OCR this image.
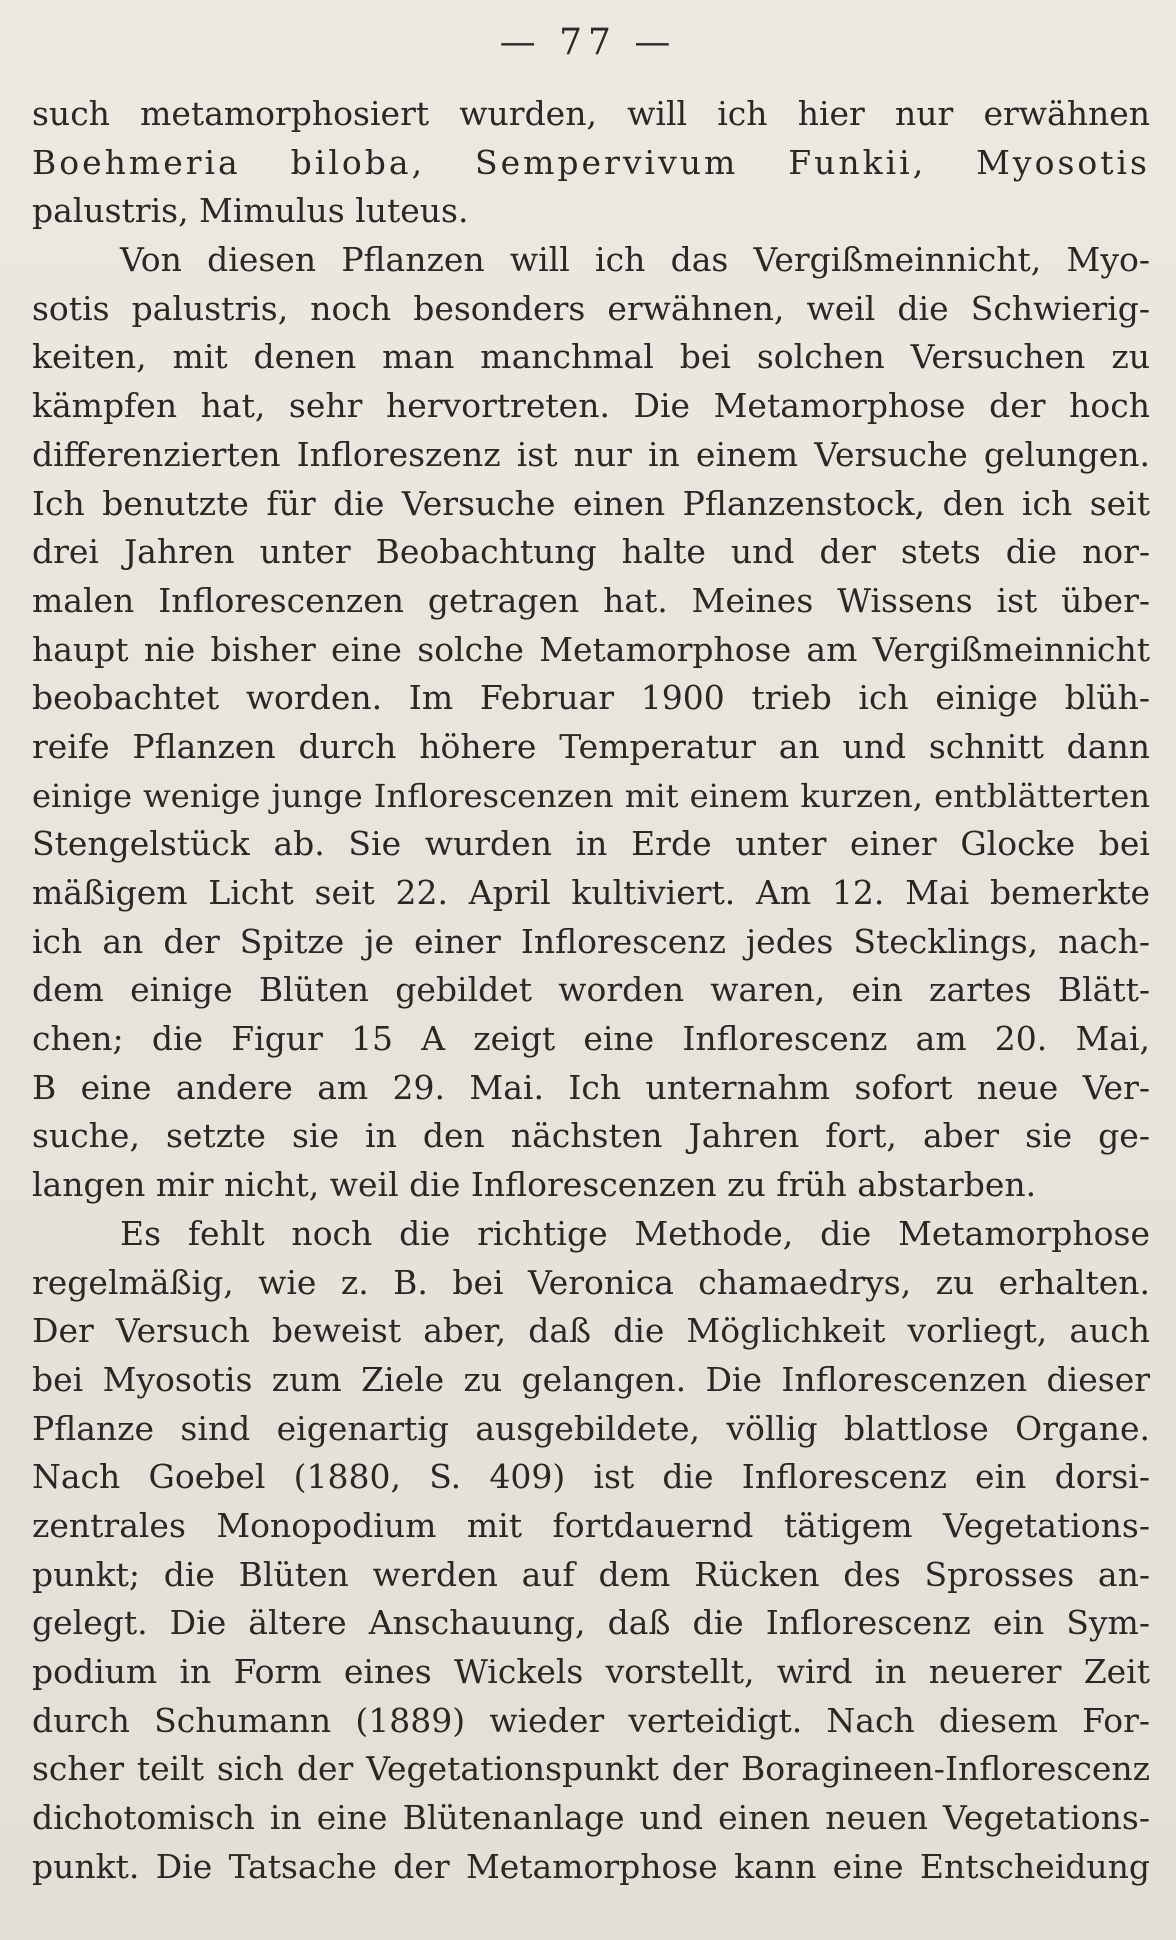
— 77 —
such metamorphosiert wurden, will ich hier nur erwähnen
Boehmeria biloba, Sempervivum Funkii, Myosotis
palustris, Mimulus luteus.
Von diesen Pflanzen will ich das Vergißmeinnicht, Myo-
sotis palustris, noch besonders erwähnen, weil die Schwierig-
keiten, mit denen man manchmal bei solchen Versuchen zu
kämpfen hat, sehr hervortreten. Die Metamorphose der hoch
differenzierten Infloreszenz ist nur in einem Versuche gelungen.
Ich benutzte für die Versuche einen Pflanzenstock, den ich seit
drei Jahren unter Beobachtung halte und der stets die nor-
malen Inflorescenzen getragen hat. Meines Wissens ist über-
haupt nie bisher eine solche Metamorphose am Vergißmeinnicht
beobachtet worden. Im Februar 1900 trieb ich einige blüh-
reife Pflanzen durch höhere Temperatur an und schnitt dann
einige wenige junge Inflorescenzen mit einem kurzen, entblätterten
Stengelstück ab. Sie wurden in Erde unter einer Glocke bei
mäßigem Licht seit 22. April kultiviert. Am 12. Mai bemerkte
ich an der Spitze je einer Inflorescenz jedes Stecklings, nach-
dem einige Blüten gebildet worden waren, ein zartes Blätt-
chen; die Figur 15 A zeigt eine Inflorescenz am 20. Mai,
B eine andere am 29. Mai. Ich unternahm sofort neue Ver-
suche, setzte sie in den nächsten Jahren fort, aber sie ge-
langen mir nicht, weil die Inflorescenzen zu früh abstarben.
Es fehlt noch die richtige Methode, die Metamorphose
regelmäßig, wie z. B. bei Veronica chamaedrys, zu erhalten.
Der Versuch beweist aber, daß die Möglichkeit vorliegt, auch
bei Myosotis zum Ziele zu gelangen. Die Inflorescenzen dieser
Pflanze sind eigenartig ausgebildete, völlig blattlose Organe.
Nach Goebel (1880, S. 409) ist die Inflorescenz ein dorsi-
zentrales Monopodium mit fortdauernd tätigem Vegetations-
punkt; die Blüten werden auf dem Rücken des Sprosses an-
gelegt. Die ältere Anschauung, daß die Inflorescenz ein Sym-
podium in Form eines Wickels vorstellt, wird in neuerer Zeit
durch Schumann (1889) wieder verteidigt. Nach diesem For-
scher teilt sich der Vegetationspunkt der Boragineen-Inflorescenz
dichotomisch in eine Blütenanlage und einen neuen Vegetations-
punkt. Die Tatsache der Metamorphose kann eine Entscheidung
